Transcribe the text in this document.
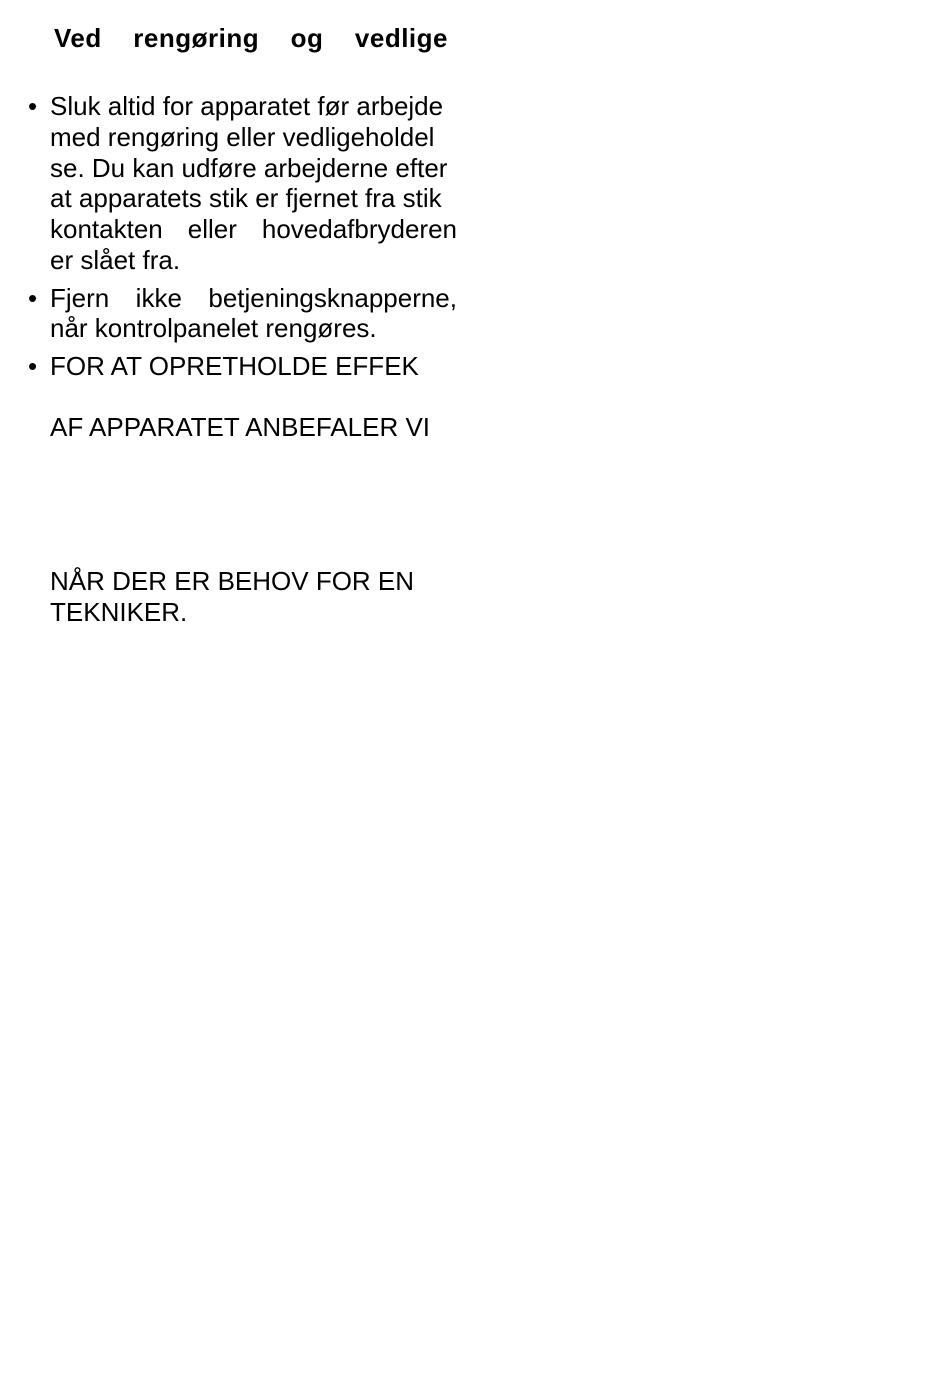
Ved rengøring og vedlige
• Sluk altid for apparatet før arbejde
med rengøring eller vedligeholdel
se. Du kan udføre arbejderne efter
at apparatets stik er fjernet fra stik
kontakten eller hovedafbryderen
er slået fra.
• Fjern ikke betjeningsknapperne,
når kontrolpanelet rengøres.
• FOR AT OPRETHOLDE EFFEK
AF APPARATET ANBEFALER VI
NÅR DER ER BEHOV FOR EN
TEKNIKER.
